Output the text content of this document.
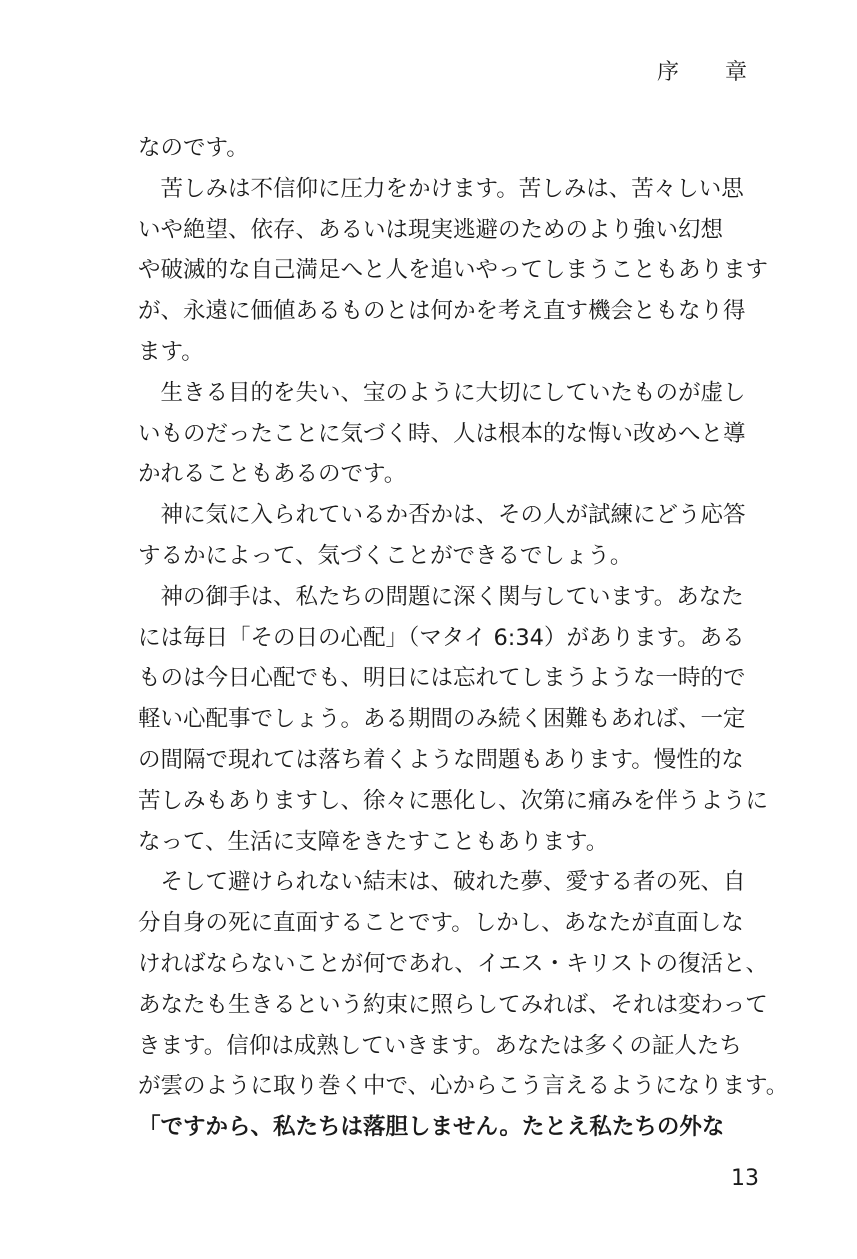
序　章
なのです。
　苦しみは不信仰に圧力をかけます。苦しみは、苦々しい思
いや絶望、依存、あるいは現実逃避のためのより強い幻想
や破滅的な自己満足へと人を追いやってしまうこともあります
が、永遠に価値あるものとは何かを考え直す機会ともなり得
ます。
　生きる目的を失い、宝のように大切にしていたものが虚し
いものだったことに気づく時、人は根本的な悔い改めへと導
かれることもあるのです。
　神に気に入られているか否かは、その人が試練にどう応答
するかによって、気づくことができるでしょう。
　神の御手は、私たちの問題に深く関与しています。あなた
には毎日「その日の心配」（マタイ 6:34）があります。ある
ものは今日心配でも、明日には忘れてしまうような一時的で
軽い心配事でしょう。ある期間のみ続く困難もあれば、一定
の間隔で現れては落ち着くような問題もあります。慢性的な
苦しみもありますし、徐々に悪化し、次第に痛みを伴うように
なって、生活に支障をきたすこともあります。
　そして避けられない結末は、破れた夢、愛する者の死、自
分自身の死に直面することです。しかし、あなたが直面しな
ければならないことが何であれ、イエス・キリストの復活と、
あなたも生きるという約束に照らしてみれば、それは変わって
きます。信仰は成熟していきます。あなたは多くの証人たち
が雲のように取り巻く中で、心からこう言えるようになります。
「ですから、私たちは落胆しません。たとえ私たちの外な
13
